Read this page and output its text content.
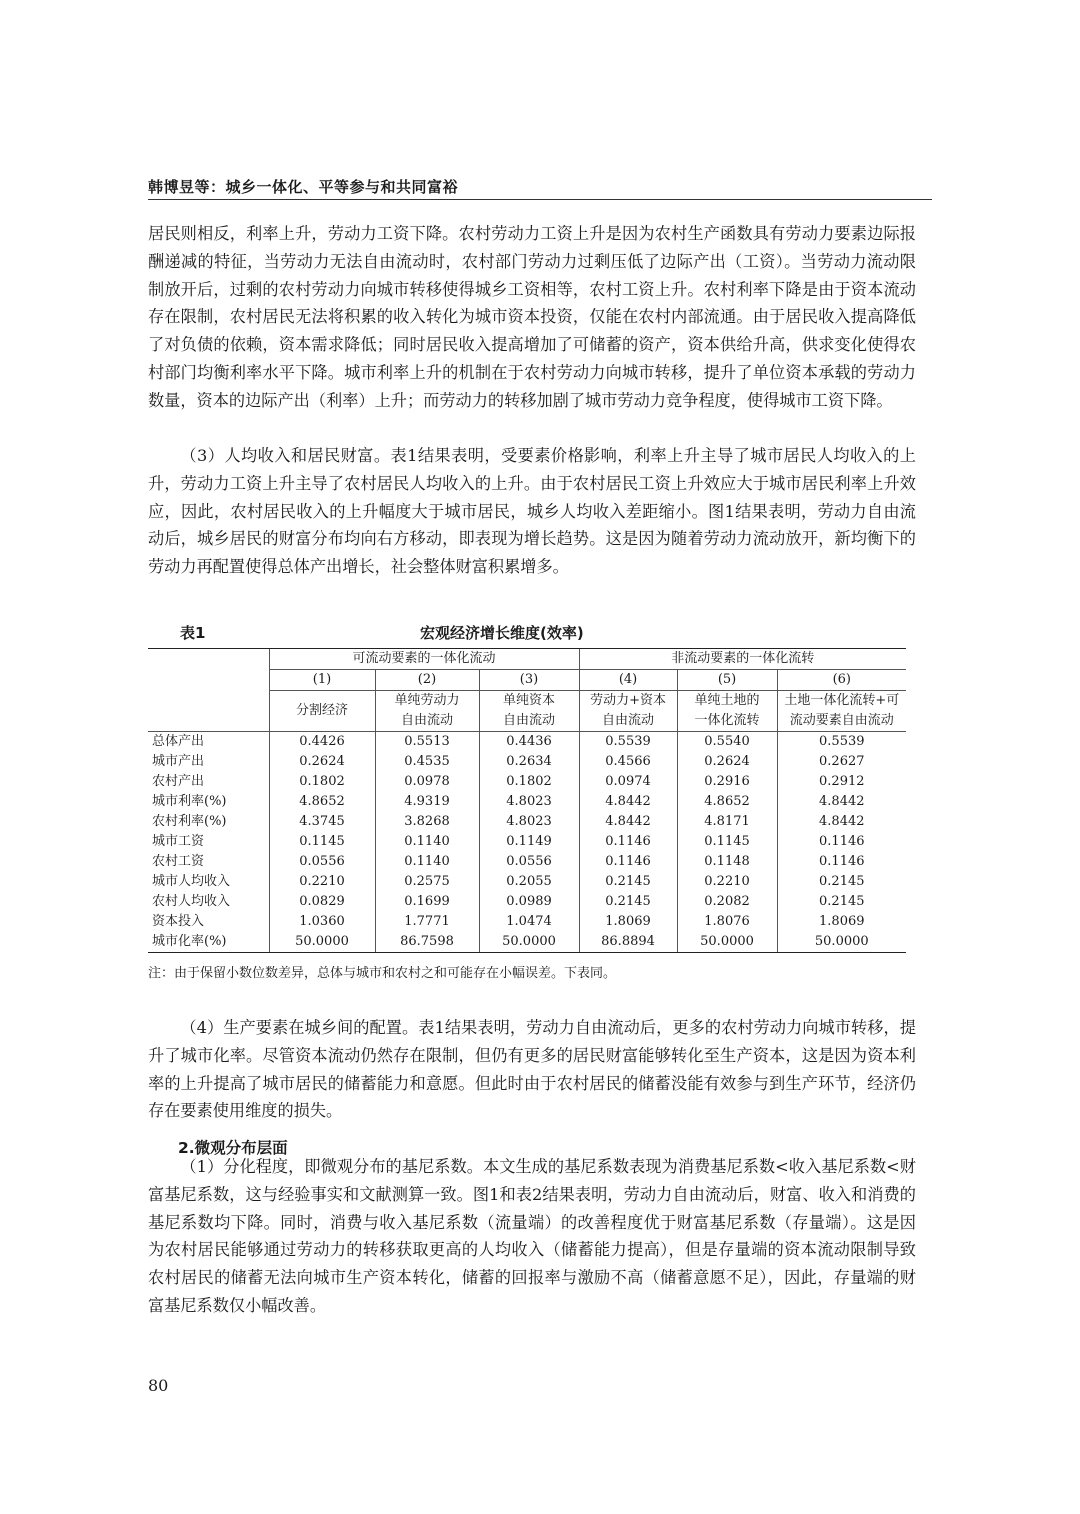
韩博昱等：城乡一体化、平等参与和共同富裕

居民则相反，利率上升，劳动力工资下降。农村劳动力工资上升是因为农村生产函数具有劳动力要素边际报酬递减的特征，当劳动力无法自由流动时，农村部门劳动力过剩压低了边际产出（工资）。当劳动力流动限制放开后，过剩的农村劳动力向城市转移使得城乡工资相等，农村工资上升。农村利率下降是由于资本流动存在限制，农村居民无法将积累的收入转化为城市资本投资，仅能在农村内部流通。由于居民收入提高降低了对负债的依赖，资本需求降低；同时居民收入提高增加了可储蓄的资产，资本供给升高，供求变化使得农村部门均衡利率水平下降。城市利率上升的机制在于农村劳动力向城市转移，提升了单位资本承载的劳动力数量，资本的边际产出（利率）上升；而劳动力的转移加剧了城市劳动力竞争程度，使得城市工资下降。

（3）人均收入和居民财富。表1结果表明，受要素价格影响，利率上升主导了城市居民人均收入的上升，劳动力工资上升主导了农村居民人均收入的上升。由于农村居民工资上升效应大于城市居民利率上升效应，因此，农村居民收入的上升幅度大于城市居民，城乡人均收入差距缩小。图1结果表明，劳动力自由流动后，城乡居民的财富分布均向右方移动，即表现为增长趋势。这是因为随着劳动力流动放开，新均衡下的劳动力再配置使得总体产出增长，社会整体财富积累增多。

表1	宏观经济增长维度(效率)
	可流动要素的一体化流动			非流动要素的一体化流转		
	(1)	(2)	(3)	(4)	(5)	(6)
	分割经济	单纯劳动力	单纯资本	劳动力+资本	单纯土地的	土地一体化流转+可
		自由流动	自由流动	自由流动	一体化流转	流动要素自由流动
总体产出	0.4426	0.5513	0.4436	0.5539	0.5540	0.5539
城市产出	0.2624	0.4535	0.2634	0.4566	0.2624	0.2627
农村产出	0.1802	0.0978	0.1802	0.0974	0.2916	0.2912
城市利率(%)	4.8652	4.9319	4.8023	4.8442	4.8652	4.8442
农村利率(%)	4.3745	3.8268	4.8023	4.8442	4.8171	4.8442
城市工资	0.1145	0.1140	0.1149	0.1146	0.1145	0.1146
农村工资	0.0556	0.1140	0.0556	0.1146	0.1148	0.1146
城市人均收入	0.2210	0.2575	0.2055	0.2145	0.2210	0.2145
农村人均收入	0.0829	0.1699	0.0989	0.2145	0.2082	0.2145
资本投入	1.0360	1.7771	1.0474	1.8069	1.8076	1.8069
城市化率(%)	50.0000	86.7598	50.0000	86.8894	50.0000	50.0000

注：由于保留小数位数差异，总体与城市和农村之和可能存在小幅误差。下表同。

（4）生产要素在城乡间的配置。表1结果表明，劳动力自由流动后，更多的农村劳动力向城市转移，提升了城市化率。尽管资本流动仍然存在限制，但仍有更多的居民财富能够转化至生产资本，这是因为资本利率的上升提高了城市居民的储蓄能力和意愿。但此时由于农村居民的储蓄没能有效参与到生产环节，经济仍存在要素使用维度的损失。

2.微观分布层面

（1）分化程度，即微观分布的基尼系数。本文生成的基尼系数表现为消费基尼系数<收入基尼系数<财富基尼系数，这与经验事实和文献测算一致。图1和表2结果表明，劳动力自由流动后，财富、收入和消费的基尼系数均下降。同时，消费与收入基尼系数（流量端）的改善程度优于财富基尼系数（存量端）。这是因为农村居民能够通过劳动力的转移获取更高的人均收入（储蓄能力提高），但是存量端的资本流动限制导致农村居民的储蓄无法向城市生产资本转化，储蓄的回报率与激励不高（储蓄意愿不足），因此，存量端的财富基尼系数仅小幅改善。

80
